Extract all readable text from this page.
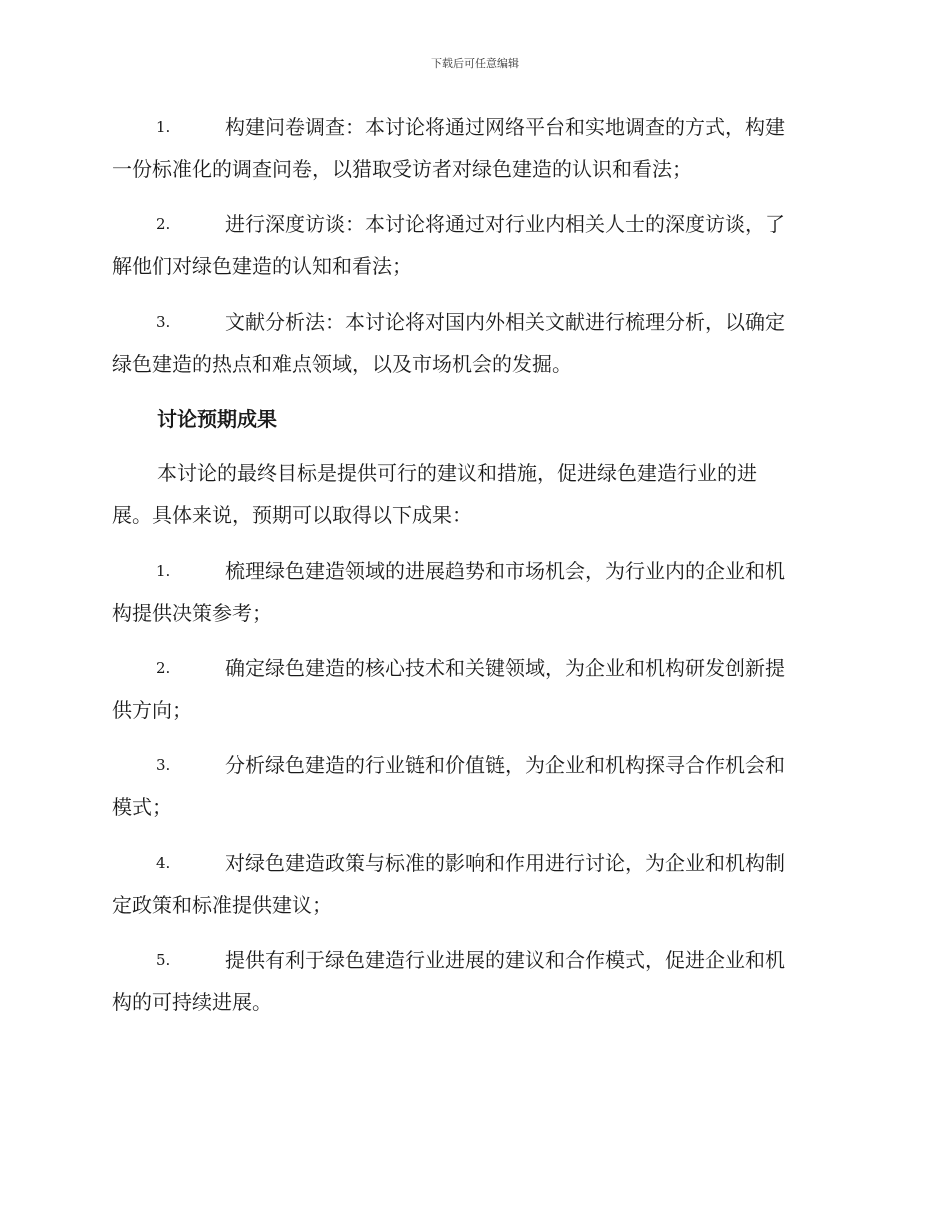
下载后可任意编辑
1.	构建问卷调查：本讨论将通过网络平台和实地调查的方式，构建
一份标准化的调查问卷，以猎取受访者对绿色建造的认识和看法；
2.	进行深度访谈：本讨论将通过对行业内相关人士的深度访谈，了
解他们对绿色建造的认知和看法；
3.	文献分析法：本讨论将对国内外相关文献进行梳理分析，以确定
绿色建造的热点和难点领域，以及市场机会的发掘。
讨论预期成果
本讨论的最终目标是提供可行的建议和措施，促进绿色建造行业的进
展。具体来说，预期可以取得以下成果：
1.	梳理绿色建造领域的进展趋势和市场机会，为行业内的企业和机
构提供决策参考；
2.	确定绿色建造的核心技术和关键领域，为企业和机构研发创新提
供方向；
3.	分析绿色建造的行业链和价值链，为企业和机构探寻合作机会和
模式；
4.	对绿色建造政策与标准的影响和作用进行讨论，为企业和机构制
定政策和标准提供建议；
5.	提供有利于绿色建造行业进展的建议和合作模式，促进企业和机
构的可持续进展。
